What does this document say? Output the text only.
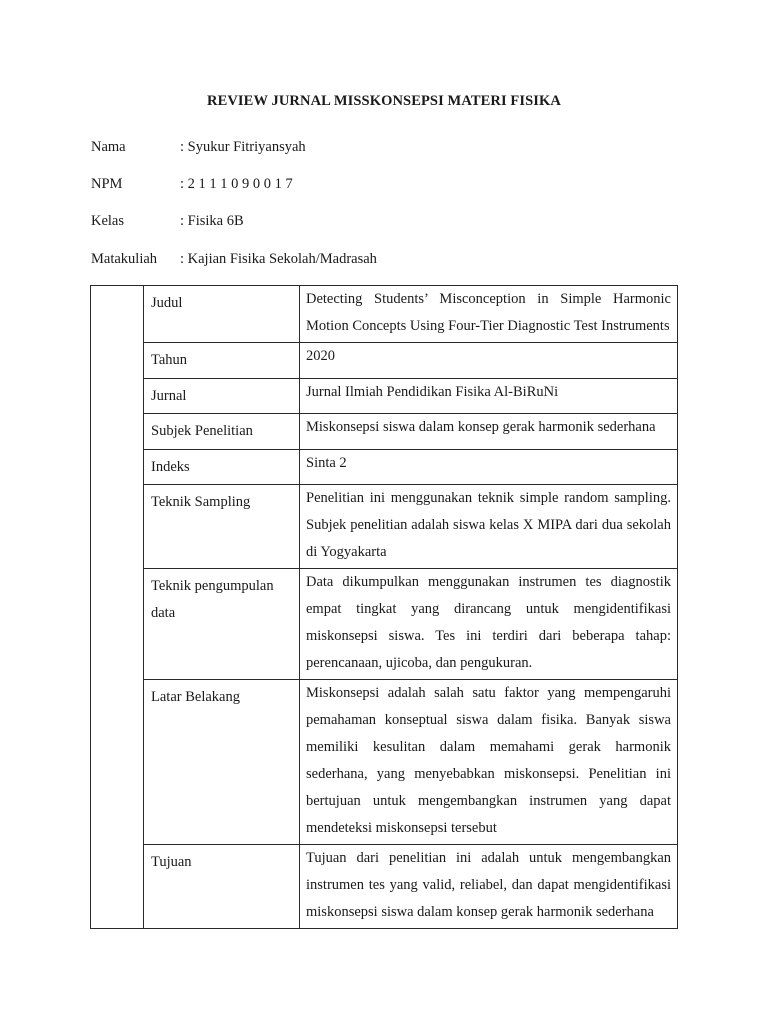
REVIEW JURNAL MISSKONSEPSI MATERI FISIKA
Nama	: Syukur Fitriyansyah
NPM	: 2 1 1 1 0 9 0 0 1 7
Kelas	: Fisika 6B
Matakuliah : Kajian Fisika Sekolah/Madrasah
	Judul	Detecting Students’ Misconception in Simple Harmonic Motion Concepts Using Four-Tier Diagnostic Test Instruments

	Tahun	2020

	Jurnal	Jurnal Ilmiah Pendidikan Fisika Al-BiRuNi

	Subjek Penelitian	Miskonsepsi siswa dalam konsep gerak harmonik sederhana

	Indeks	Sinta 2

	Teknik Sampling	Penelitian ini menggunakan teknik simple random sampling. Subjek penelitian adalah siswa kelas X MIPA dari dua sekolah di Yogyakarta

	Teknik pengumpulan data	Data dikumpulkan menggunakan instrumen tes diagnostik empat tingkat yang dirancang untuk mengidentifikasi miskonsepsi siswa. Tes ini terdiri dari beberapa tahap: perencanaan, ujicoba, dan pengukuran.

	Latar Belakang	Miskonsepsi adalah salah satu faktor yang mempengaruhi pemahaman konseptual siswa dalam fisika. Banyak siswa memiliki kesulitan dalam memahami gerak harmonik sederhana, yang menyebabkan miskonsepsi. Penelitian ini bertujuan untuk mengembangkan instrumen yang dapat mendeteksi miskonsepsi tersebut

	Tujuan	Tujuan dari penelitian ini adalah untuk mengembangkan instrumen tes yang valid, reliabel, dan dapat mengidentifikasi miskonsepsi siswa dalam konsep gerak harmonik sederhana
